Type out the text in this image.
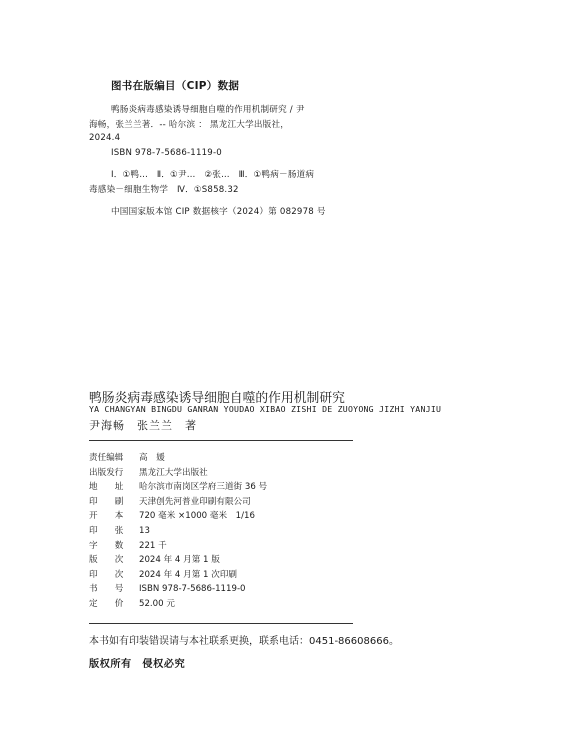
图书在版编目（CIP）数据
鸭肠炎病毒感染诱导细胞自噬的作用机制研究 / 尹
海畅，张兰兰著．-- 哈尔滨 ： 黑龙江大学出版社，
2024.4
ISBN 978-7-5686-1119-0
Ⅰ．①鸭…　Ⅱ．①尹…　②张…　Ⅲ．①鸭病－肠道病
毒感染－细胞生物学　Ⅳ．①S858.32
中国国家版本馆 CIP 数据核字（2024）第 082978 号
鸭肠炎病毒感染诱导细胞自噬的作用机制研究
YA CHANGYAN BINGDU GANRAN YOUDAO XIBAO ZISHI DE ZUOYONG JIZHI YANJIU
尹海畅　张兰兰　著
责任编辑 高　媛
出版发行 黑龙江大学出版社
地　　址 哈尔滨市南岗区学府三道街 36 号
印　　刷 天津创先河普业印刷有限公司
开　　本 720 毫米 ×1000 毫米　1/16
印　　张 13
字　　数 221 千
版　　次 2024 年 4 月第 1 版
印　　次 2024 年 4 月第 1 次印刷
书　　号 ISBN 978-7-5686-1119-0
定　　价 52.00 元
本书如有印装错误请与本社联系更换，联系电话：0451-86608666。
版权所有　侵权必究
